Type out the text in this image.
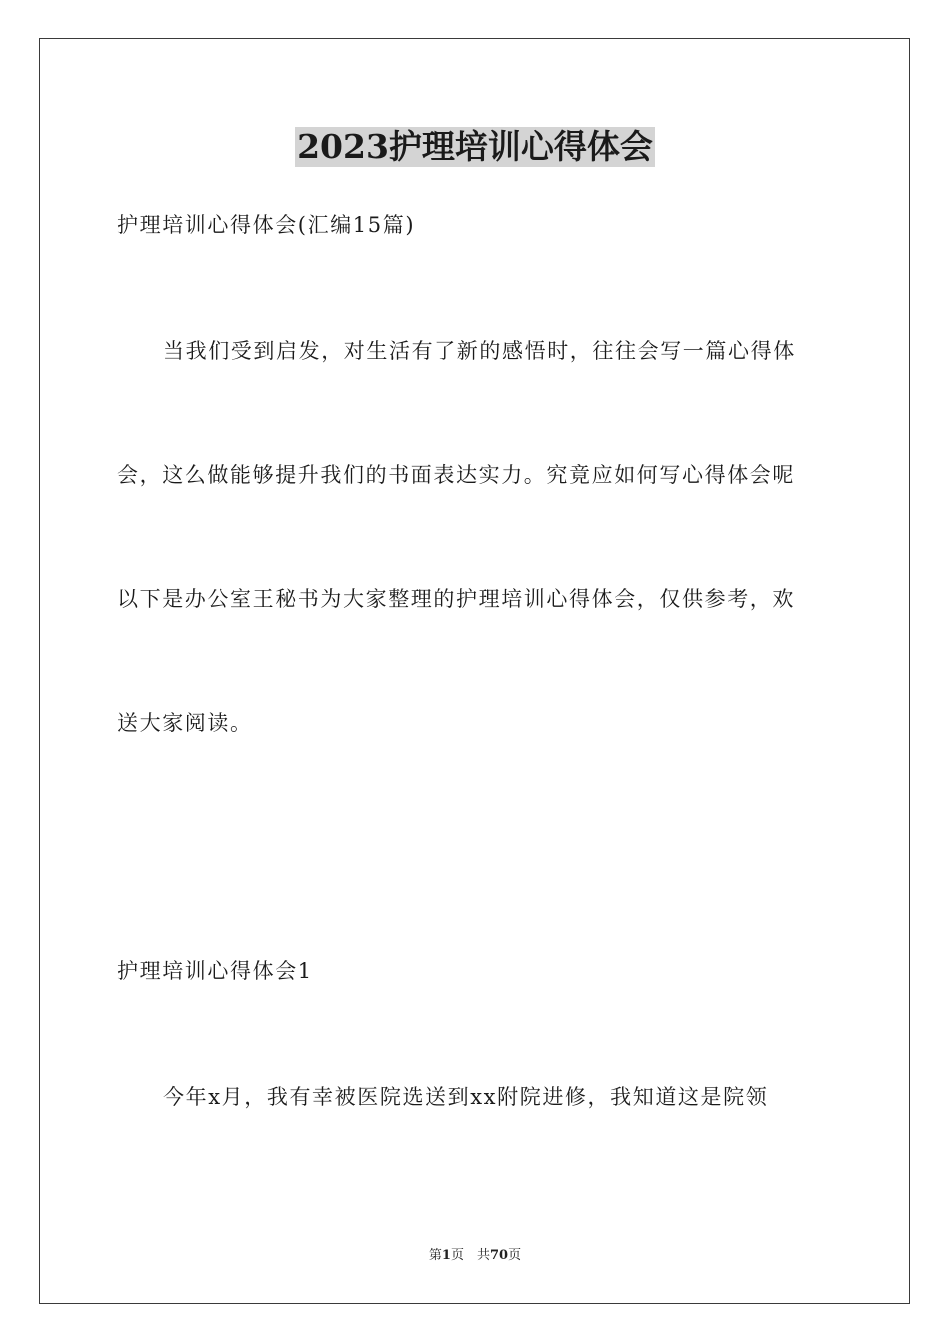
2023护理培训心得体会
护理培训心得体会(汇编15篇)
当我们受到启发，对生活有了新的感悟时，往往会写一篇心得体
会，这么做能够提升我们的书面表达实力。究竟应如何写心得体会呢
以下是办公室王秘书为大家整理的护理培训心得体会，仅供参考，欢
送大家阅读。
护理培训心得体会1
今年x月，我有幸被医院选送到xx附院进修，我知道这是院领
第1页　共70页
